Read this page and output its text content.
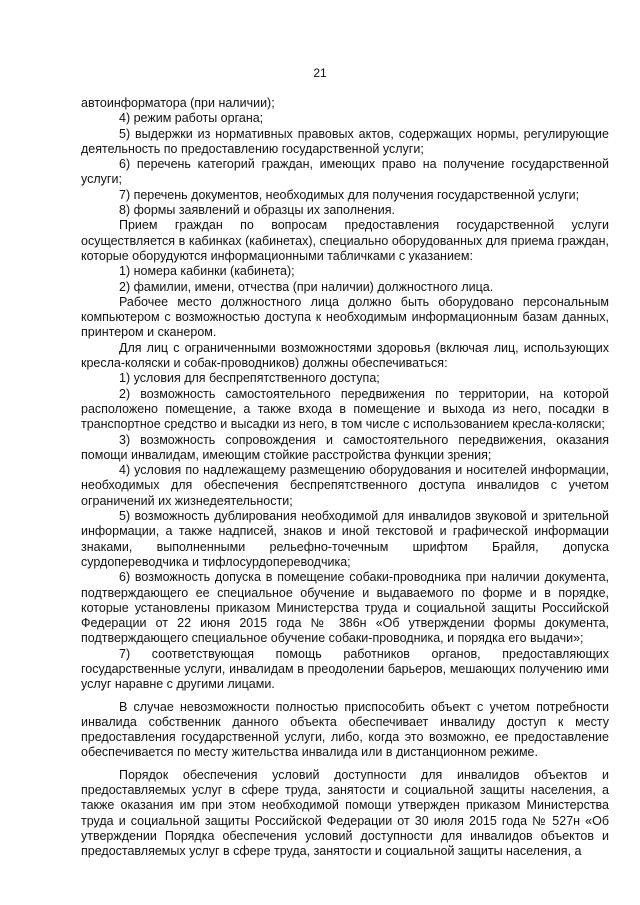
21

автоинформатора (при наличии);

4) режим работы органа;

5) выдержки из нормативных правовых актов, содержащих нормы, регулирующие деятельность по предоставлению государственной услуги;

6) перечень категорий граждан, имеющих право на получение государственной услуги;

7) перечень документов, необходимых для получения государственной услуги;

8) формы заявлений и образцы их заполнения.

Прием граждан по вопросам предоставления государственной услуги осуществляется в кабинках (кабинетах), специально оборудованных для приема граждан, которые оборудуются информационными табличками с указанием:

1) номера кабинки (кабинета);

2) фамилии, имени, отчества (при наличии) должностного лица.

Рабочее место должностного лица должно быть оборудовано персональным компьютером с возможностью доступа к необходимым информационным базам данных, принтером и сканером.

Для лиц с ограниченными возможностями здоровья (включая лиц, использующих кресла-коляски и собак-проводников) должны обеспечиваться:

1) условия для беспрепятственного доступа;

2) возможность самостоятельного передвижения по территории, на которой расположено помещение, а также входа в помещение и выхода из него, посадки в транспортное средство и высадки из него, в том числе с использованием кресла-коляски;

3) возможность сопровождения и самостоятельного передвижения, оказания помощи инвалидам, имеющим стойкие расстройства функции зрения;

4) условия по надлежащему размещению оборудования и носителей информации, необходимых для обеспечения беспрепятственного доступа инвалидов с учетом ограничений их жизнедеятельности;

5) возможность дублирования необходимой для инвалидов звуковой и зрительной информации, а также надписей, знаков и иной текстовой и графической информации знаками, выполненными рельефно-точечным шрифтом Брайля, допуска сурдопереводчика и тифлосурдопереводчика;

6) возможность допуска в помещение собаки-проводника при наличии документа, подтверждающего ее специальное обучение и выдаваемого по форме и в порядке, которые установлены приказом Министерства труда и социальной защиты Российской Федерации от 22 июня 2015 года № 386н «Об утверждении формы документа, подтверждающего специальное обучение собаки-проводника, и порядка его выдачи»;

7) соответствующая помощь работников органов, предоставляющих государственные услуги, инвалидам в преодолении барьеров, мешающих получению ими услуг наравне с другими лицами.

В случае невозможности полностью приспособить объект с учетом потребности инвалида собственник данного объекта обеспечивает инвалиду доступ к месту предоставления государственной услуги, либо, когда это возможно, ее предоставление обеспечивается по месту жительства инвалида или в дистанционном режиме.

Порядок обеспечения условий доступности для инвалидов объектов и предоставляемых услуг в сфере труда, занятости и социальной защиты населения, а также оказания им при этом необходимой помощи утвержден приказом Министерства труда и социальной защиты Российской Федерации от 30 июля 2015 года № 527н «Об утверждении Порядка обеспечения условий доступности для инвалидов объектов и предоставляемых услуг в сфере труда, занятости и социальной защиты населения, а
